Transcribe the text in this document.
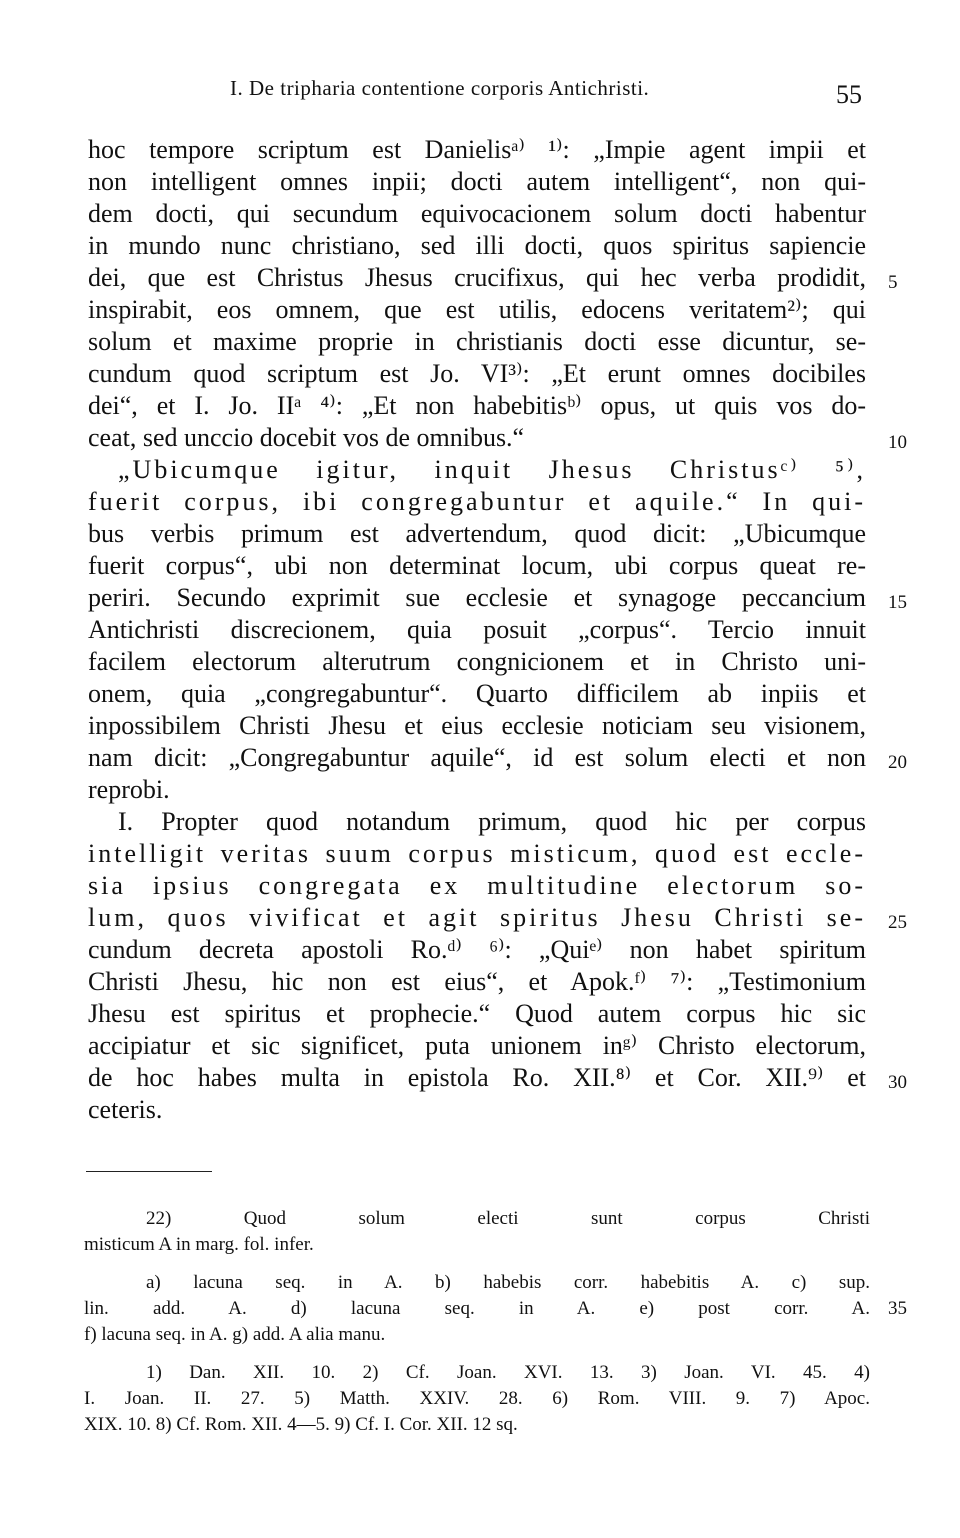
I. De tripharia contentione corporis Antichristi.	55
hoc tempore scriptum est Danielisᵃ⁾ ¹⁾: „Impie agent impii et
non intelligent omnes inpii; docti autem intelligent“, non qui-
dem docti, qui secundum equivocacionem solum docti habentur
in mundo nunc christiano, sed illi docti, quos spiritus sapiencie
dei, que est Christus Jhesus crucifixus, qui hec verba prodidit,
inspirabit, eos omnem, que est utilis, edocens veritatem²⁾; qui
solum et maxime proprie in christianis docti esse dicuntur, se-
cundum quod scriptum est Jo. VI³⁾: „Et erunt omnes docibiles
dei“, et I. Jo. IIᵃ ⁴⁾: „Et non habebitisᵇ⁾ opus, ut quis vos do-
ceat, sed unccio docebit vos de omnibus.“
„Ubicumque igitur, inquit Jhesus Christusᶜ⁾ ⁵⁾,
fuerit corpus, ibi congregabuntur et aquile.“ In qui-
bus verbis primum est advertendum, quod dicit: „Ubicumque
fuerit corpus“, ubi non determinat locum, ubi corpus queat re-
periri. Secundo exprimit sue ecclesie et synagoge peccancium
Antichristi discrecionem, quia posuit „corpus“. Tercio innuit
facilem electorum alterutrum congnicionem et in Christo uni-
onem, quia „congregabuntur“. Quarto difficilem ab inpiis et
inpossibilem Christi Jhesu et eius ecclesie noticiam seu visionem,
nam dicit: „Congregabuntur aquile“, id est solum electi et non
reprobi.
I. Propter quod notandum primum, quod hic per corpus
intelligit veritas suum corpus misticum, quod est eccle-
sia ipsius congregata ex multitudine electorum so-
lum, quos vivificat et agit spiritus Jhesu Christi se-
cundum decreta apostoli Ro.ᵈ⁾ ⁶⁾: „Quiᵉ⁾ non habet spiritum
Christi Jhesu, hic non est eius“, et Apok.ᶠ⁾ ⁷⁾: „Testimonium
Jhesu est spiritus et prophecie.“ Quod autem corpus hic sic
accipiatur et sic significet, puta unionem inᵍ⁾ Christo electorum,
de hoc habes multa in epistola Ro. XII.⁸⁾ et Cor. XII.⁹⁾ et
ceteris.
5
10
15
20
25
30
35
22) Quod solum electi sunt corpus Christi
misticum A in marg. fol. infer.
a) lacuna seq. in A. b) habebis corr. habebitis A. c) sup.
lin. add. A. d) lacuna seq. in A. e) post corr. A.
f) lacuna seq. in A. g) add. A alia manu.
1) Dan. XII. 10. 2) Cf. Joan. XVI. 13. 3) Joan. VI. 45. 4)
I. Joan. II. 27. 5) Matth. XXIV. 28. 6) Rom. VIII. 9. 7) Apoc.
XIX. 10. 8) Cf. Rom. XII. 4—5. 9) Cf. I. Cor. XII. 12 sq.
